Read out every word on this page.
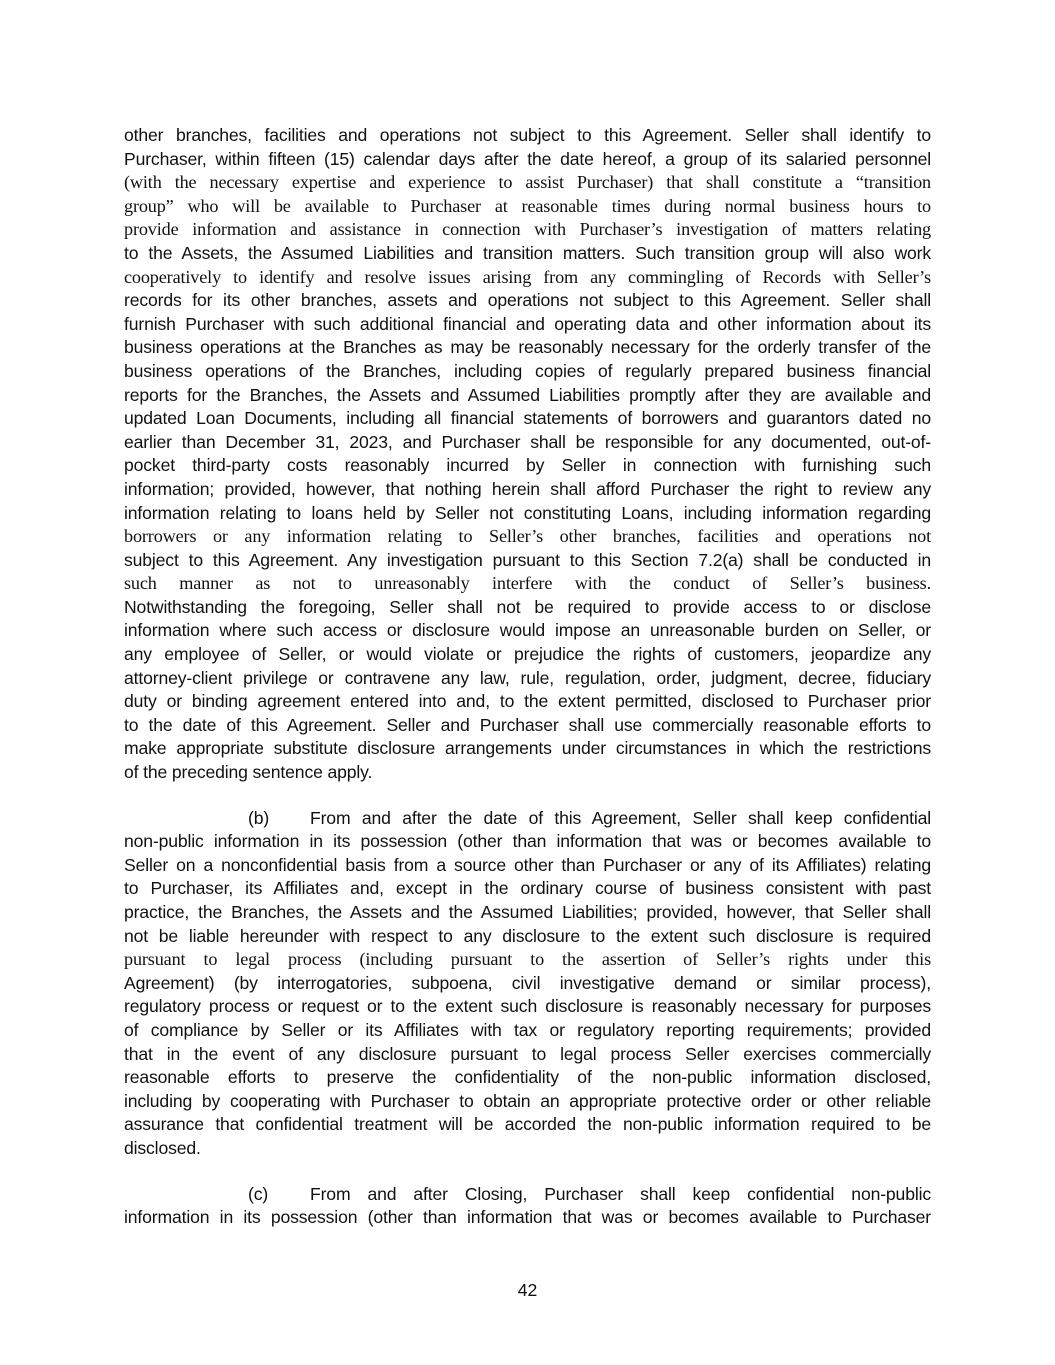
other branches, facilities and operations not subject to this Agreement. Seller shall identify to
Purchaser, within fifteen (15) calendar days after the date hereof, a group of its salaried personnel
(with the necessary expertise and experience to assist Purchaser) that shall constitute a “transition
group” who will be available to Purchaser at reasonable times during normal business hours to
provide information and assistance in connection with Purchaser’s investigation of matters relating
to the Assets, the Assumed Liabilities and transition matters. Such transition group will also work
cooperatively to identify and resolve issues arising from any commingling of Records with Seller’s
records for its other branches, assets and operations not subject to this Agreement. Seller shall
furnish Purchaser with such additional financial and operating data and other information about its
business operations at the Branches as may be reasonably necessary for the orderly transfer of the
business operations of the Branches, including copies of regularly prepared business financial
reports for the Branches, the Assets and Assumed Liabilities promptly after they are available and
updated Loan Documents, including all financial statements of borrowers and guarantors dated no
earlier than December 31, 2023, and Purchaser shall be responsible for any documented, out-of-
pocket third-party costs reasonably incurred by Seller in connection with furnishing such
information; provided, however, that nothing herein shall afford Purchaser the right to review any
information relating to loans held by Seller not constituting Loans, including information regarding
borrowers or any information relating to Seller’s other branches, facilities and operations not
subject to this Agreement. Any investigation pursuant to this Section 7.2(a) shall be conducted in
such manner as not to unreasonably interfere with the conduct of Seller’s business.
Notwithstanding the foregoing, Seller shall not be required to provide access to or disclose
information where such access or disclosure would impose an unreasonable burden on Seller, or
any employee of Seller, or would violate or prejudice the rights of customers, jeopardize any
attorney-client privilege or contravene any law, rule, regulation, order, judgment, decree, fiduciary
duty or binding agreement entered into and, to the extent permitted, disclosed to Purchaser prior
to the date of this Agreement. Seller and Purchaser shall use commercially reasonable efforts to
make appropriate substitute disclosure arrangements under circumstances in which the restrictions
of the preceding sentence apply.
(b) From and after the date of this Agreement, Seller shall keep confidential
non-public information in its possession (other than information that was or becomes available to
Seller on a nonconfidential basis from a source other than Purchaser or any of its Affiliates) relating
to Purchaser, its Affiliates and, except in the ordinary course of business consistent with past
practice, the Branches, the Assets and the Assumed Liabilities; provided, however, that Seller shall
not be liable hereunder with respect to any disclosure to the extent such disclosure is required
pursuant to legal process (including pursuant to the assertion of Seller’s rights under this
Agreement) (by interrogatories, subpoena, civil investigative demand or similar process),
regulatory process or request or to the extent such disclosure is reasonably necessary for purposes
of compliance by Seller or its Affiliates with tax or regulatory reporting requirements; provided
that in the event of any disclosure pursuant to legal process Seller exercises commercially
reasonable efforts to preserve the confidentiality of the non-public information disclosed,
including by cooperating with Purchaser to obtain an appropriate protective order or other reliable
assurance that confidential treatment will be accorded the non-public information required to be
disclosed.
(c) From and after Closing, Purchaser shall keep confidential non-public
information in its possession (other than information that was or becomes available to Purchaser
42
